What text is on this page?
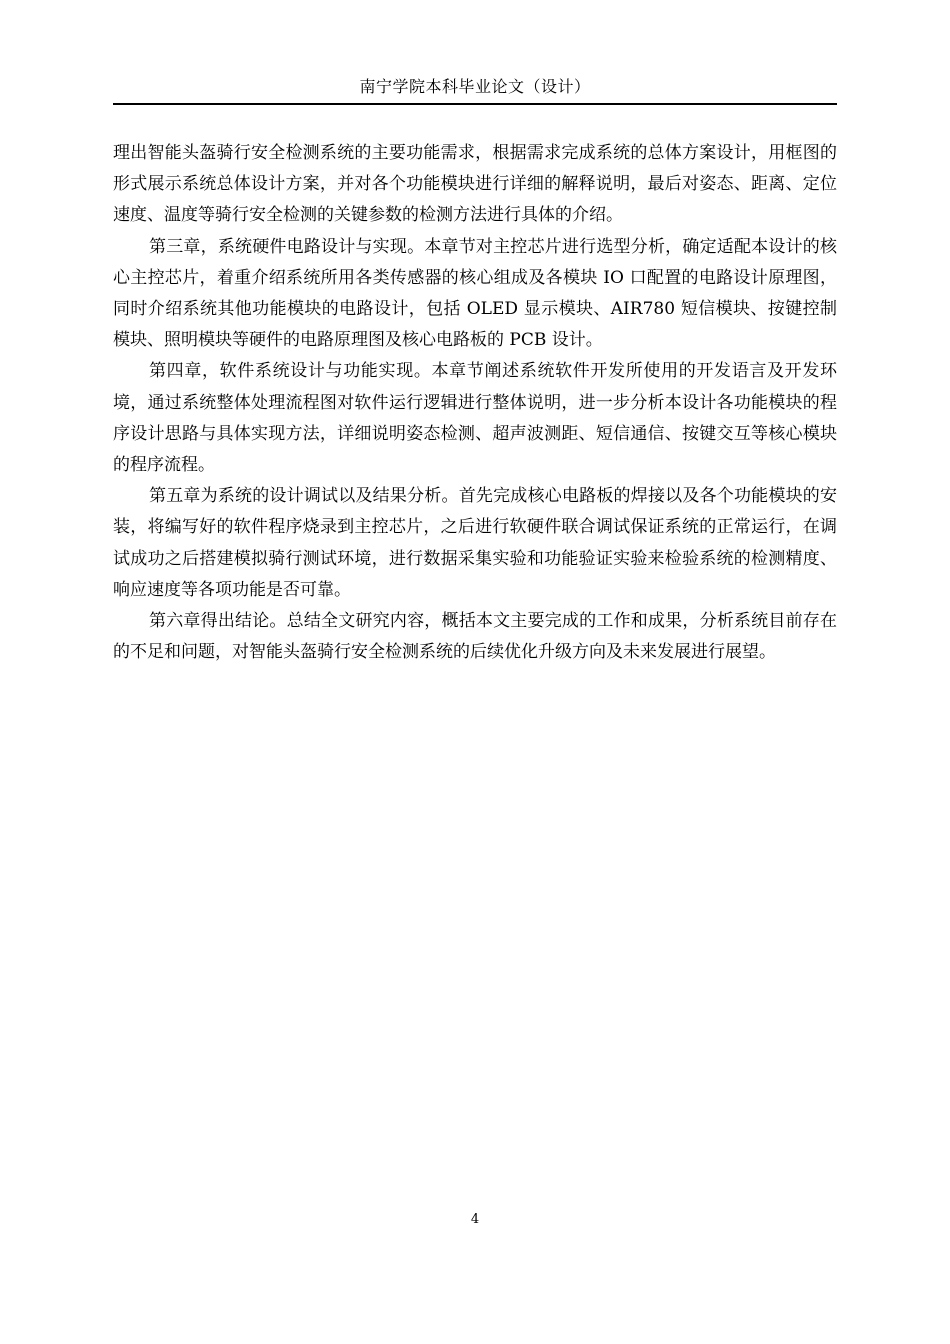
南宁学院本科毕业论文（设计）

理出智能头盔骑行安全检测系统的主要功能需求，根据需求完成系统的总体方案设计，用框图的形式展示系统总体设计方案，并对各个功能模块进行详细的解释说明，最后对姿态、距离、定位速度、温度等骑行安全检测的关键参数的检测方法进行具体的介绍。

第三章，系统硬件电路设计与实现。本章节对主控芯片进行选型分析，确定适配本设计的核心主控芯片，着重介绍系统所用各类传感器的核心组成及各模块 IO 口配置的电路设计原理图，同时介绍系统其他功能模块的电路设计，包括 OLED 显示模块、AIR780 短信模块、按键控制模块、照明模块等硬件的电路原理图及核心电路板的 PCB 设计。

第四章，软件系统设计与功能实现。本章节阐述系统软件开发所使用的开发语言及开发环境，通过系统整体处理流程图对软件运行逻辑进行整体说明，进一步分析本设计各功能模块的程序设计思路与具体实现方法，详细说明姿态检测、超声波测距、短信通信、按键交互等核心模块的程序流程。

第五章为系统的设计调试以及结果分析。首先完成核心电路板的焊接以及各个功能模块的安装，将编写好的软件程序烧录到主控芯片，之后进行软硬件联合调试保证系统的正常运行，在调试成功之后搭建模拟骑行测试环境，进行数据采集实验和功能验证实验来检验系统的检测精度、响应速度等各项功能是否可靠。

第六章得出结论。总结全文研究内容，概括本文主要完成的工作和成果，分析系统目前存在的不足和问题，对智能头盔骑行安全检测系统的后续优化升级方向及未来发展进行展望。

4
